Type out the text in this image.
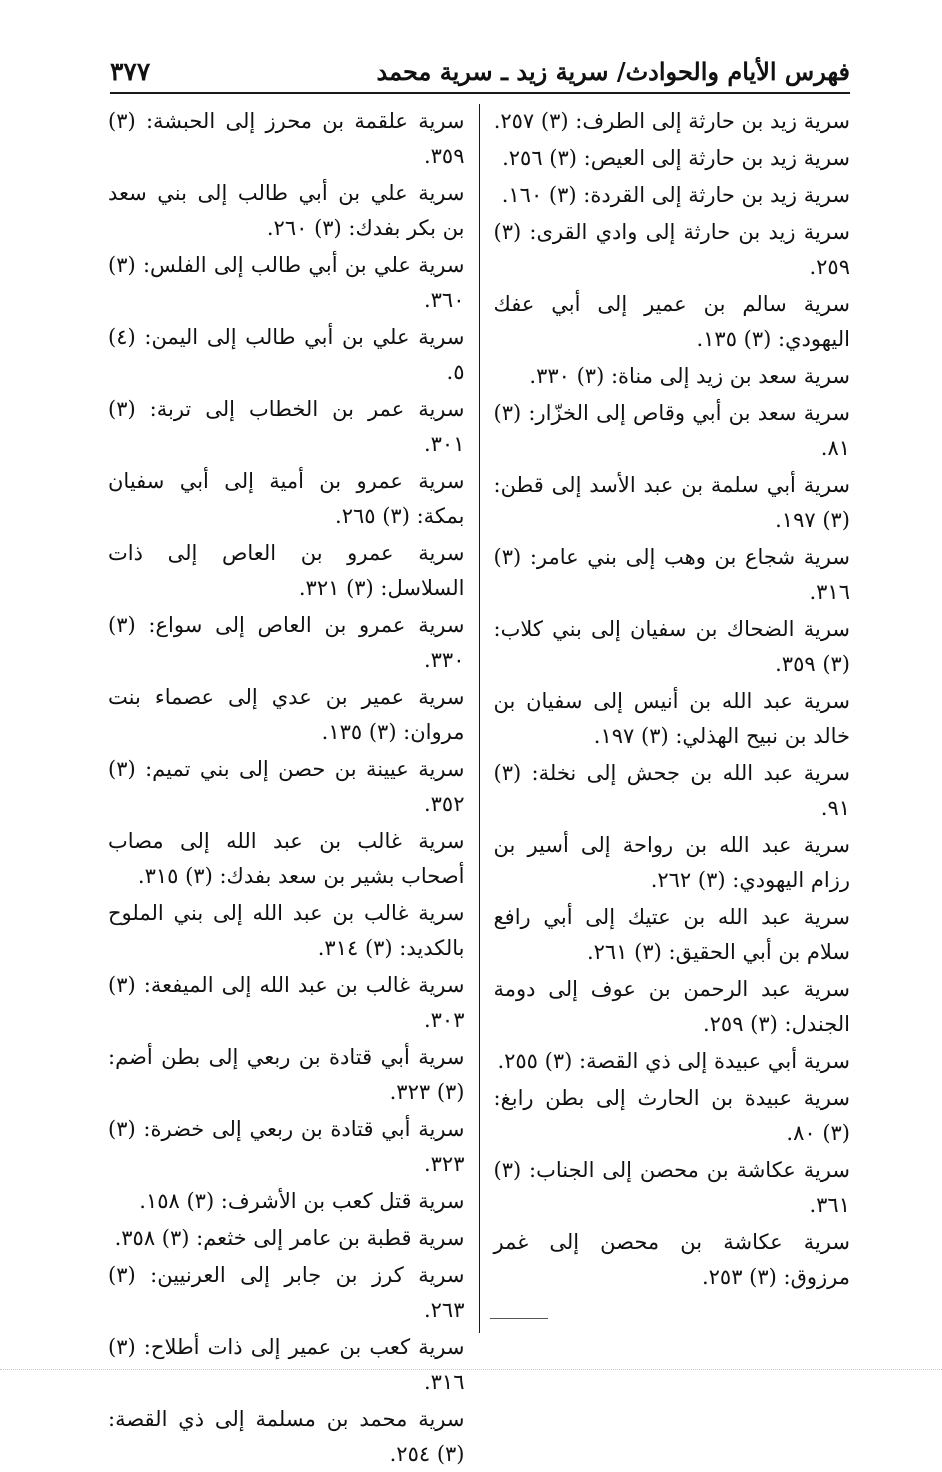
فهرس الأيام والحوادث/ سرية زيد ـ سرية محمد
٣٧٧

سرية زيد بن حارثة إلى الطرف: (٣) ٢٥٧.

سرية زيد بن حارثة إلى العيص: (٣) ٢٥٦.

سرية زيد بن حارثة إلى القردة: (٣) ١٦٠.

سرية زيد بن حارثة إلى وادي القرى: (٣) ٢٥٩.

سرية سالم بن عمير إلى أبي عفك اليهودي: (٣) ١٣٥.

سرية سعد بن زيد إلى مناة: (٣) ٣٣٠.

سرية سعد بن أبي وقاص إلى الخزّار: (٣) ٨١.

سرية أبي سلمة بن عبد الأسد إلى قطن: (٣) ١٩٧.

سرية شجاع بن وهب إلى بني عامر: (٣) ٣١٦.

سرية الضحاك بن سفيان إلى بني كلاب: (٣) ٣٥٩.

سرية عبد الله بن أنيس إلى سفيان بن خالد بن نبيح الهذلي: (٣) ١٩٧.

سرية عبد الله بن جحش إلى نخلة: (٣) ٩١.

سرية عبد الله بن رواحة إلى أسير بن رزام اليهودي: (٣) ٢٦٢.

سرية عبد الله بن عتيك إلى أبي رافع سلام بن أبي الحقيق: (٣) ٢٦١.

سرية عبد الرحمن بن عوف إلى دومة الجندل: (٣) ٢٥٩.

سرية أبي عبيدة إلى ذي القصة: (٣) ٢٥٥.

سرية عبيدة بن الحارث إلى بطن رابغ: (٣) ٨٠.

سرية عكاشة بن محصن إلى الجناب: (٣) ٣٦١.

سرية عكاشة بن محصن إلى غمر مرزوق: (٣) ٢٥٣.

سرية علقمة بن محرز إلى الحبشة: (٣) ٣٥٩.

سرية علي بن أبي طالب إلى بني سعد بن بكر بفدك: (٣) ٢٦٠.

سرية علي بن أبي طالب إلى الفلس: (٣) ٣٦٠.

سرية علي بن أبي طالب إلى اليمن: (٤) ٥.

سرية عمر بن الخطاب إلى تربة: (٣) ٣٠١.

سرية عمرو بن أمية إلى أبي سفيان بمكة: (٣) ٢٦٥.

سرية عمرو بن العاص إلى ذات السلاسل: (٣) ٣٢١.

سرية عمرو بن العاص إلى سواع: (٣) ٣٣٠.

سرية عمير بن عدي إلى عصماء بنت مروان: (٣) ١٣٥.

سرية عيينة بن حصن إلى بني تميم: (٣) ٣٥٢.

سرية غالب بن عبد الله إلى مصاب أصحاب بشير بن سعد بفدك: (٣) ٣١٥.

سرية غالب بن عبد الله إلى بني الملوح بالكديد: (٣) ٣١٤.

سرية غالب بن عبد الله إلى الميفعة: (٣) ٣٠٣.

سرية أبي قتادة بن ربعي إلى بطن أضم: (٣) ٣٢٣.

سرية أبي قتادة بن ربعي إلى خضرة: (٣) ٣٢٣.

سرية قتل كعب بن الأشرف: (٣) ١٥٨.

سرية قطبة بن عامر إلى خثعم: (٣) ٣٥٨.

سرية كرز بن جابر إلى العرنيين: (٣) ٢٦٣.

سرية كعب بن عمير إلى ذات أطلاح: (٣) ٣١٦.

سرية محمد بن مسلمة إلى ذي القصة: (٣) ٢٥٤.
